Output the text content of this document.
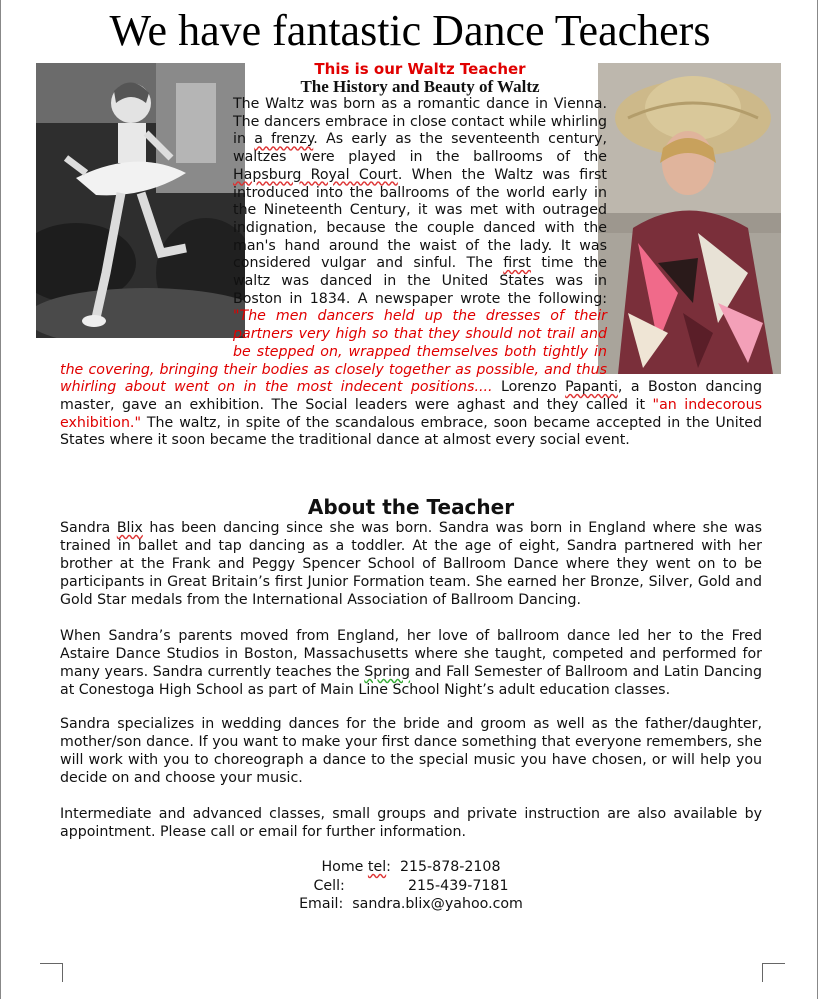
We have fantastic Dance Teachers
This is our Waltz Teacher
The History and Beauty of Waltz

The Waltz was born as a romantic dance in Vienna. The dancers embrace in close contact while whirling in a frenzy. As early as the seventeenth century, waltzes were played in the ballrooms of the Hapsburg Royal Court. When the Waltz was first introduced into the ballrooms of the world early in the Nineteenth Century, it was met with outraged indignation, because the couple danced with the man's hand around the waist of the lady. It was considered vulgar and sinful. The first time the waltz was danced in the United States was in Boston in 1834. A newspaper wrote the following: "The men dancers held up the dresses of their partners very high so that they should not trail and be stepped on, wrapped themselves both tightly in the covering, bringing their bodies as closely together as possible, and thus whirling about went on in the most indecent positions.... Lorenzo Papanti, a Boston dancing master, gave an exhibition. The Social leaders were aghast and they called it "an indecorous exhibition." The waltz, in spite of the scandalous embrace, soon became accepted in the United States where it soon became the traditional dance at almost every social event.

About the Teacher

Sandra Blix has been dancing since she was born. Sandra was born in England where she was trained in ballet and tap dancing as a toddler. At the age of eight, Sandra partnered with her brother at the Frank and Peggy Spencer School of Ballroom Dance where they went on to be participants in Great Britain’s first Junior Formation team. She earned her Bronze, Silver, Gold and Gold Star medals from the International Association of Ballroom Dancing.

When Sandra’s parents moved from England, her love of ballroom dance led her to the Fred Astaire Dance Studios in Boston, Massachusetts where she taught, competed and performed for many years. Sandra currently teaches the Spring and Fall Semester of Ballroom and Latin Dancing at Conestoga High School as part of Main Line School Night’s adult education classes.

Sandra specializes in wedding dances for the bride and groom as well as the father/daughter, mother/son dance. If you want to make your first dance something that everyone remembers, she will work with you to choreograph a dance to the special music you have chosen, or will help you decide on and choose your music.

Intermediate and advanced classes, small groups and private instruction are also available by appointment. Please call or email for further information.

Home tel: 215-878-2108
Cell:	215-439-7181
Email: sandra.blix@yahoo.com
